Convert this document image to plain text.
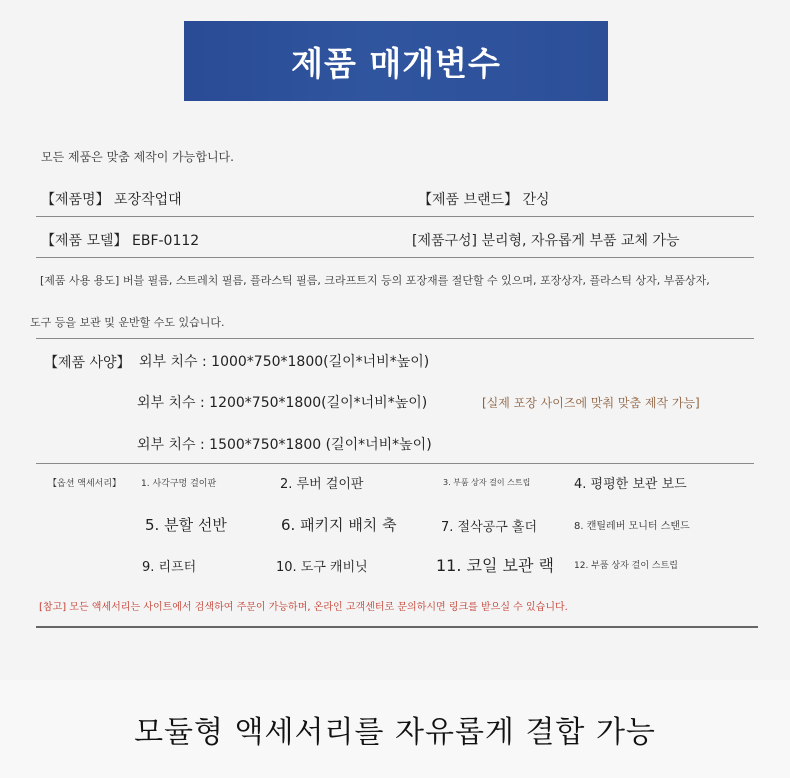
제품 매개변수
모든 제품은 맞춤 제작이 가능합니다.
【제품명】 포장작업대	【제품 브랜드】 간싱
【제품 모델】 EBF-0112	[제품구성] 분리형, 자유롭게 부품 교체 가능
[제품 사용 용도] 버블 필름, 스트레치 필름, 플라스틱 필름, 크라프트지 등의 포장재를 절단할 수 있으며, 포장상자, 플라스틱 상자, 부품상자,
도구 등을 보관 및 운반할 수도 있습니다.
【제품 사양】 외부 치수 : 1000*750*1800(길이*너비*높이)
외부 치수 : 1200*750*1800(길이*너비*높이)	[실제 포장 사이즈에 맞춰 맞춤 제작 가능]
외부 치수 : 1500*750*1800 (길이*너비*높이)
【옵션 액세서리】 1. 사각구멍 걸이판	2. 루버 걸이판	3. 부품 상자 걸이 스트립	4. 평평한 보관 보드
5. 분할 선반	6. 패키지 배치 축	7. 절삭공구 홀더	8. 캔틸레버 모니터 스탠드
9. 리프터	10. 도구 캐비닛	11. 코일 보관 랙 12. 부품 상자 걸이 스트립
[참고] 모든 액세서리는 사이트에서 검색하여 주문이 가능하며, 온라인 고객센터로 문의하시면 링크를 받으실 수 있습니다.
모듈형 액세서리를 자유롭게 결합 가능
